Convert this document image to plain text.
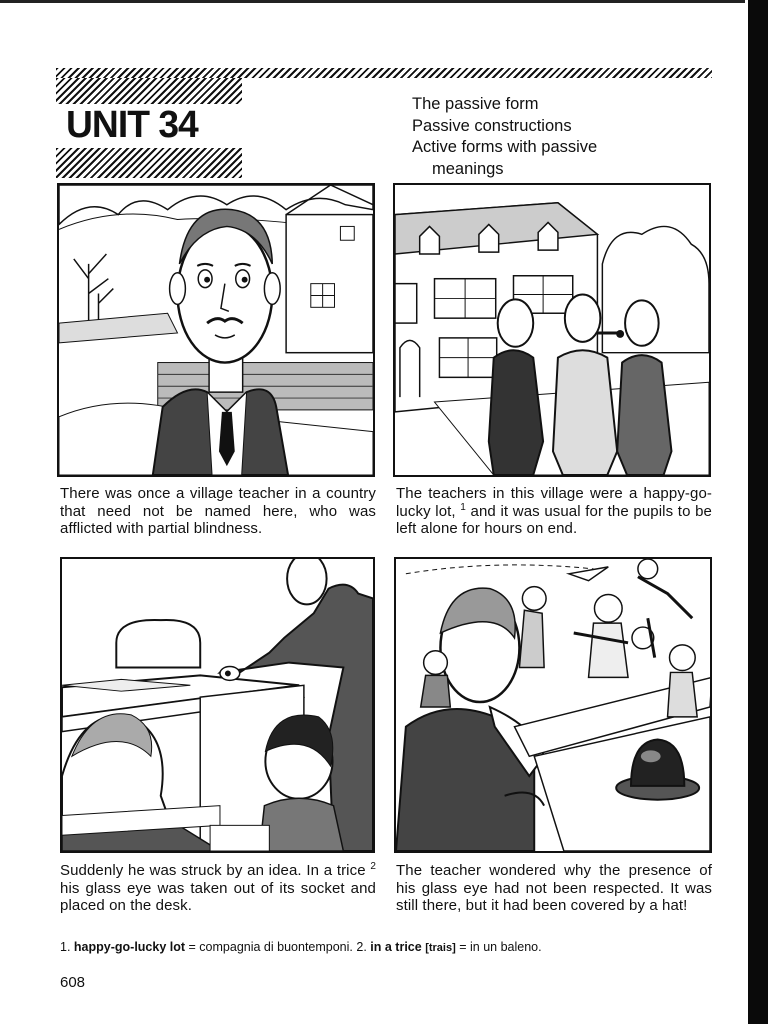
UNIT 34	The passive form
Passive constructions
Active forms with passive
meanings

There was once a village teacher in a country that need not be named here, who was afflicted with partial blindness.

The teachers in this village were a happy-go-lucky lot, $^1$ and it was usual for the pupils to be left alone for hours on end.

Suddenly he was struck by an idea. In a trice $^2$ his glass eye was taken out of its socket and placed on the desk.

The teacher wondered why the presence of his glass eye had not been respected. It was still there, but it had been covered by a hat!

1. happy-go-lucky lot = compagnia di buontemponi. 2. in a trice [trais] = in un baleno.
608
